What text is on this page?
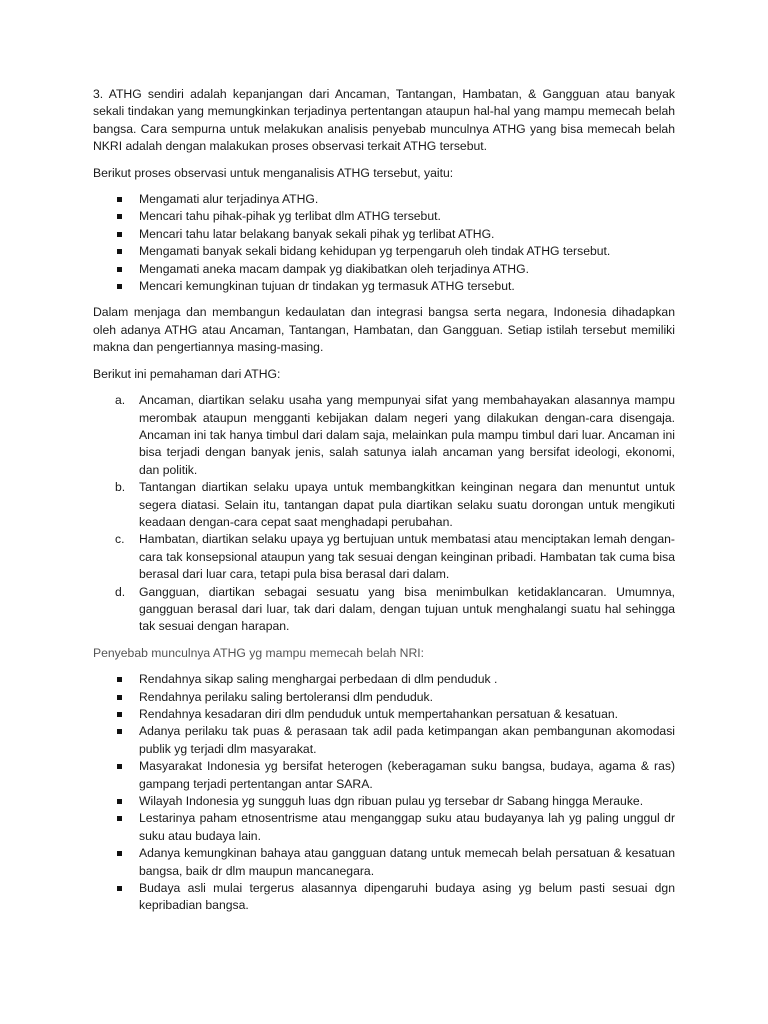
3. ATHG sendiri adalah kepanjangan dari Ancaman, Tantangan, Hambatan, & Gangguan atau banyak sekali tindakan yang memungkinkan terjadinya pertentangan ataupun hal-hal yang mampu memecah belah bangsa. Cara sempurna untuk melakukan analisis penyebab munculnya ATHG yang bisa memecah belah NKRI adalah dengan malakukan proses observasi terkait ATHG tersebut.

Berikut proses observasi untuk menganalisis ATHG tersebut, yaitu:

Mengamati alur terjadinya ATHG.
Mencari tahu pihak-pihak yg terlibat dlm ATHG tersebut.
Mencari tahu latar belakang banyak sekali pihak yg terlibat ATHG.
Mengamati banyak sekali bidang kehidupan yg terpengaruh oleh tindak ATHG tersebut.
Mengamati aneka macam dampak yg diakibatkan oleh terjadinya ATHG.
Mencari kemungkinan tujuan dr tindakan yg termasuk ATHG tersebut.

Dalam menjaga dan membangun kedaulatan dan integrasi bangsa serta negara, Indonesia dihadapkan oleh adanya ATHG atau Ancaman, Tantangan, Hambatan, dan Gangguan. Setiap istilah tersebut memiliki makna dan pengertiannya masing-masing.

Berikut ini pemahaman dari ATHG:

a. Ancaman, diartikan selaku usaha yang mempunyai sifat yang membahayakan alasannya mampu merombak ataupun mengganti kebijakan dalam negeri yang dilakukan dengan-cara disengaja. Ancaman ini tak hanya timbul dari dalam saja, melainkan pula mampu timbul dari luar. Ancaman ini bisa terjadi dengan banyak jenis, salah satunya ialah ancaman yang bersifat ideologi, ekonomi, dan politik.
b. Tantangan diartikan selaku upaya untuk membangkitkan keinginan negara dan menuntut untuk segera diatasi. Selain itu, tantangan dapat pula diartikan selaku suatu dorongan untuk mengikuti keadaan dengan-cara cepat saat menghadapi perubahan.
c. Hambatan, diartikan selaku upaya yg bertujuan untuk membatasi atau menciptakan lemah dengan-cara tak konsepsional ataupun yang tak sesuai dengan keinginan pribadi. Hambatan tak cuma bisa berasal dari luar cara, tetapi pula bisa berasal dari dalam.
d. Gangguan, diartikan sebagai sesuatu yang bisa menimbulkan ketidaklancaran. Umumnya, gangguan berasal dari luar, tak dari dalam, dengan tujuan untuk menghalangi suatu hal sehingga tak sesuai dengan harapan.

Penyebab munculnya ATHG yg mampu memecah belah NRI:

Rendahnya sikap saling menghargai perbedaan di dlm penduduk .
Rendahnya perilaku saling bertoleransi dlm penduduk.
Rendahnya kesadaran diri dlm penduduk untuk mempertahankan persatuan & kesatuan.
Adanya perilaku tak puas & perasaan tak adil pada ketimpangan akan pembangunan akomodasi publik yg terjadi dlm masyarakat.
Masyarakat Indonesia yg bersifat heterogen (keberagaman suku bangsa, budaya, agama & ras) gampang terjadi pertentangan antar SARA.
Wilayah Indonesia yg sungguh luas dgn ribuan pulau yg tersebar dr Sabang hingga Merauke.
Lestarinya paham etnosentrisme atau menganggap suku atau budayanya lah yg paling unggul dr suku atau budaya lain.
Adanya kemungkinan bahaya atau gangguan datang untuk memecah belah persatuan & kesatuan bangsa, baik dr dlm maupun mancanegara.
Budaya asli mulai tergerus alasannya dipengaruhi budaya asing yg belum pasti sesuai dgn kepribadian bangsa.
